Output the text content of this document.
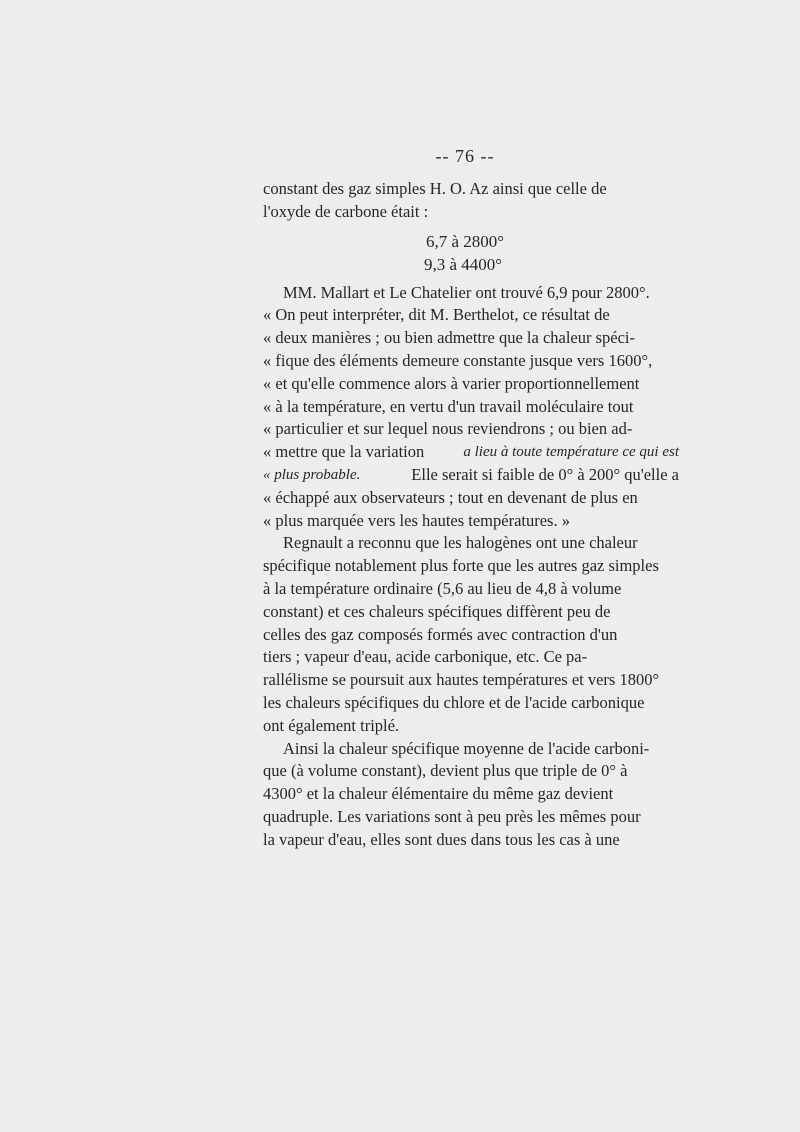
-- 76 --
constant des gaz simples H. O. Az ainsi que celle de
l'oxyde de carbone était :
6,7 à 2800°
9,3 à 4400°
MM. Mallart et Le Chatelier ont trouvé 6,9 pour 2800°.
« On peut interpréter, dit M. Berthelot, ce résultat de
« deux manières ; ou bien admettre que la chaleur spéci-
« fique des éléments demeure constante jusque vers 1600°,
« et qu'elle commence alors à varier proportionnellement
« à la température, en vertu d'un travail moléculaire tout
« particulier et sur lequel nous reviendrons ; ou bien ad-
« mettre que la variation	a lieu à toute température ce qui est
« plus probable.	Elle serait si faible de 0° à 200° qu'elle a
« échappé aux observateurs ; tout en devenant de plus en
« plus marquée vers les hautes températures. »
Regnault a reconnu que les halogènes ont une chaleur
spécifique notablement plus forte que les autres gaz simples
à la température ordinaire (5,6 au lieu de 4,8 à volume
constant) et ces chaleurs spécifiques diffèrent peu de
celles des gaz composés formés avec contraction d'un
tiers ; vapeur d'eau, acide carbonique, etc. Ce pa-
rallélisme se poursuit aux hautes températures et vers 1800°
les chaleurs spécifiques du chlore et de l'acide carbonique
ont également triplé.
Ainsi la chaleur spécifique moyenne de l'acide carboni-
que (à volume constant), devient plus que triple de 0° à
4300° et la chaleur élémentaire du même gaz devient
quadruple. Les variations sont à peu près les mêmes pour
la vapeur d'eau, elles sont dues dans tous les cas à une
